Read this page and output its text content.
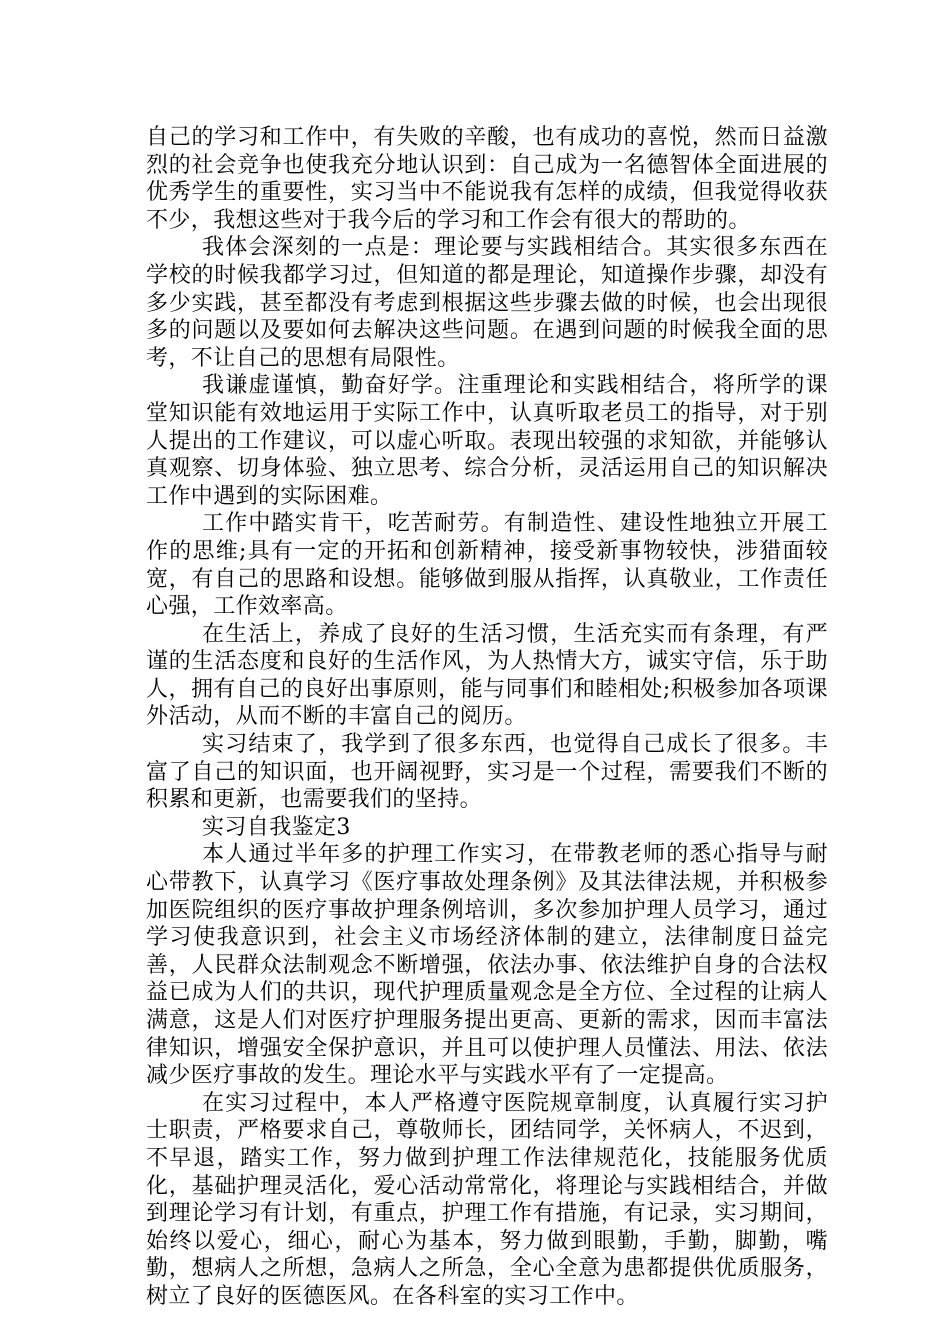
自己的学习和工作中，有失败的辛酸，也有成功的喜悦，然而日益激烈的社会竞争也使我充分地认识到：自己成为一名德智体全面进展的优秀学生的重要性，实习当中不能说我有怎样的成绩，但我觉得收获不少，我想这些对于我今后的学习和工作会有很大的帮助的。

我体会深刻的一点是：理论要与实践相结合。其实很多东西在学校的时候我都学习过，但知道的都是理论，知道操作步骤，却没有多少实践，甚至都没有考虑到根据这些步骤去做的时候，也会出现很多的问题以及要如何去解决这些问题。在遇到问题的时候我全面的思考，不让自己的思想有局限性。

我谦虚谨慎，勤奋好学。注重理论和实践相结合，将所学的课堂知识能有效地运用于实际工作中，认真听取老员工的指导，对于别人提出的工作建议，可以虚心听取。表现出较强的求知欲，并能够认真观察、切身体验、独立思考、综合分析，灵活运用自己的知识解决工作中遇到的实际困难。

工作中踏实肯干，吃苦耐劳。有制造性、建设性地独立开展工作的思维;具有一定的开拓和创新精神，接受新事物较快，涉猎面较宽，有自己的思路和设想。能够做到服从指挥，认真敬业，工作责任心强，工作效率高。

在生活上，养成了良好的生活习惯，生活充实而有条理，有严谨的生活态度和良好的生活作风，为人热情大方，诚实守信，乐于助人，拥有自己的良好出事原则，能与同事们和睦相处;积极参加各项课外活动，从而不断的丰富自己的阅历。

实习结束了，我学到了很多东西，也觉得自己成长了很多。丰富了自己的知识面，也开阔视野，实习是一个过程，需要我们不断的积累和更新，也需要我们的坚持。

实习自我鉴定3

本人通过半年多的护理工作实习，在带教老师的悉心指导与耐心带教下，认真学习《医疗事故处理条例》及其法律法规，并积极参加医院组织的医疗事故护理条例培训，多次参加护理人员学习，通过学习使我意识到，社会主义市场经济体制的建立，法律制度日益完善，人民群众法制观念不断增强，依法办事、依法维护自身的合法权益已成为人们的共识，现代护理质量观念是全方位、全过程的让病人满意，这是人们对医疗护理服务提出更高、更新的需求，因而丰富法律知识，增强安全保护意识，并且可以使护理人员懂法、用法、依法减少医疗事故的发生。理论水平与实践水平有了一定提高。

在实习过程中，本人严格遵守医院规章制度，认真履行实习护士职责，严格要求自己，尊敬师长，团结同学，关怀病人，不迟到，不早退，踏实工作，努力做到护理工作法律规范化，技能服务优质化，基础护理灵活化，爱心活动常常化，将理论与实践相结合，并做到理论学习有计划，有重点，护理工作有措施，有记录，实习期间，始终以爱心，细心，耐心为基本，努力做到眼勤，手勤，脚勤，嘴勤，想病人之所想，急病人之所急，全心全意为患都提供优质服务，树立了良好的医德医风。在各科室的实习工作中。
